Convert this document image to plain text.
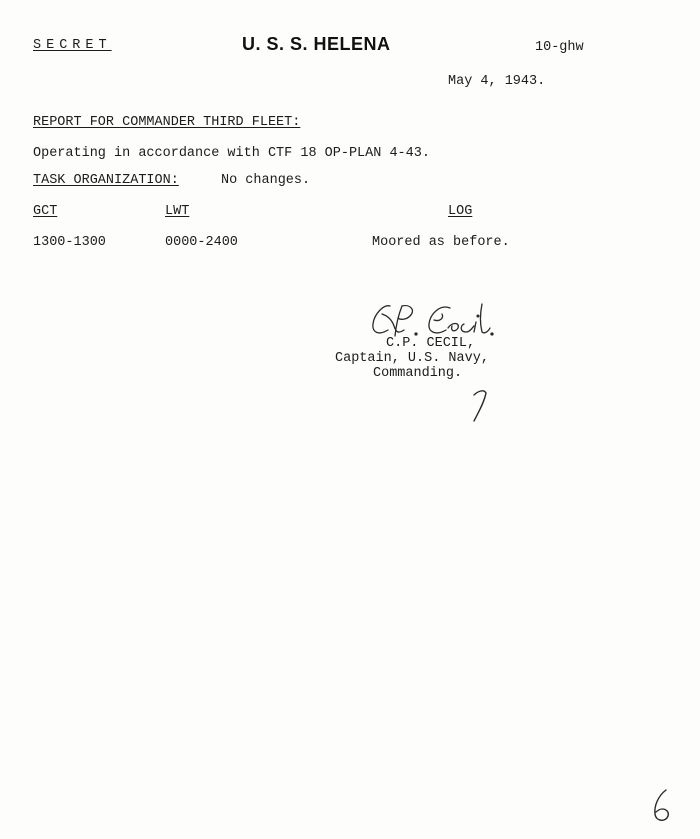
SECRET	U. S. S. HELENA	10-ghw
May 4, 1943.
REPORT FOR COMMANDER THIRD FLEET:
Operating in accordance with CTF 18 OP-PLAN 4-43.
TASK ORGANIZATION:	No changes.
GCT	LWT	LOG
1300-1300	0000-2400	Moored as before.
C.P. CECIL,
Captain, U.S. Navy,
Commanding.
